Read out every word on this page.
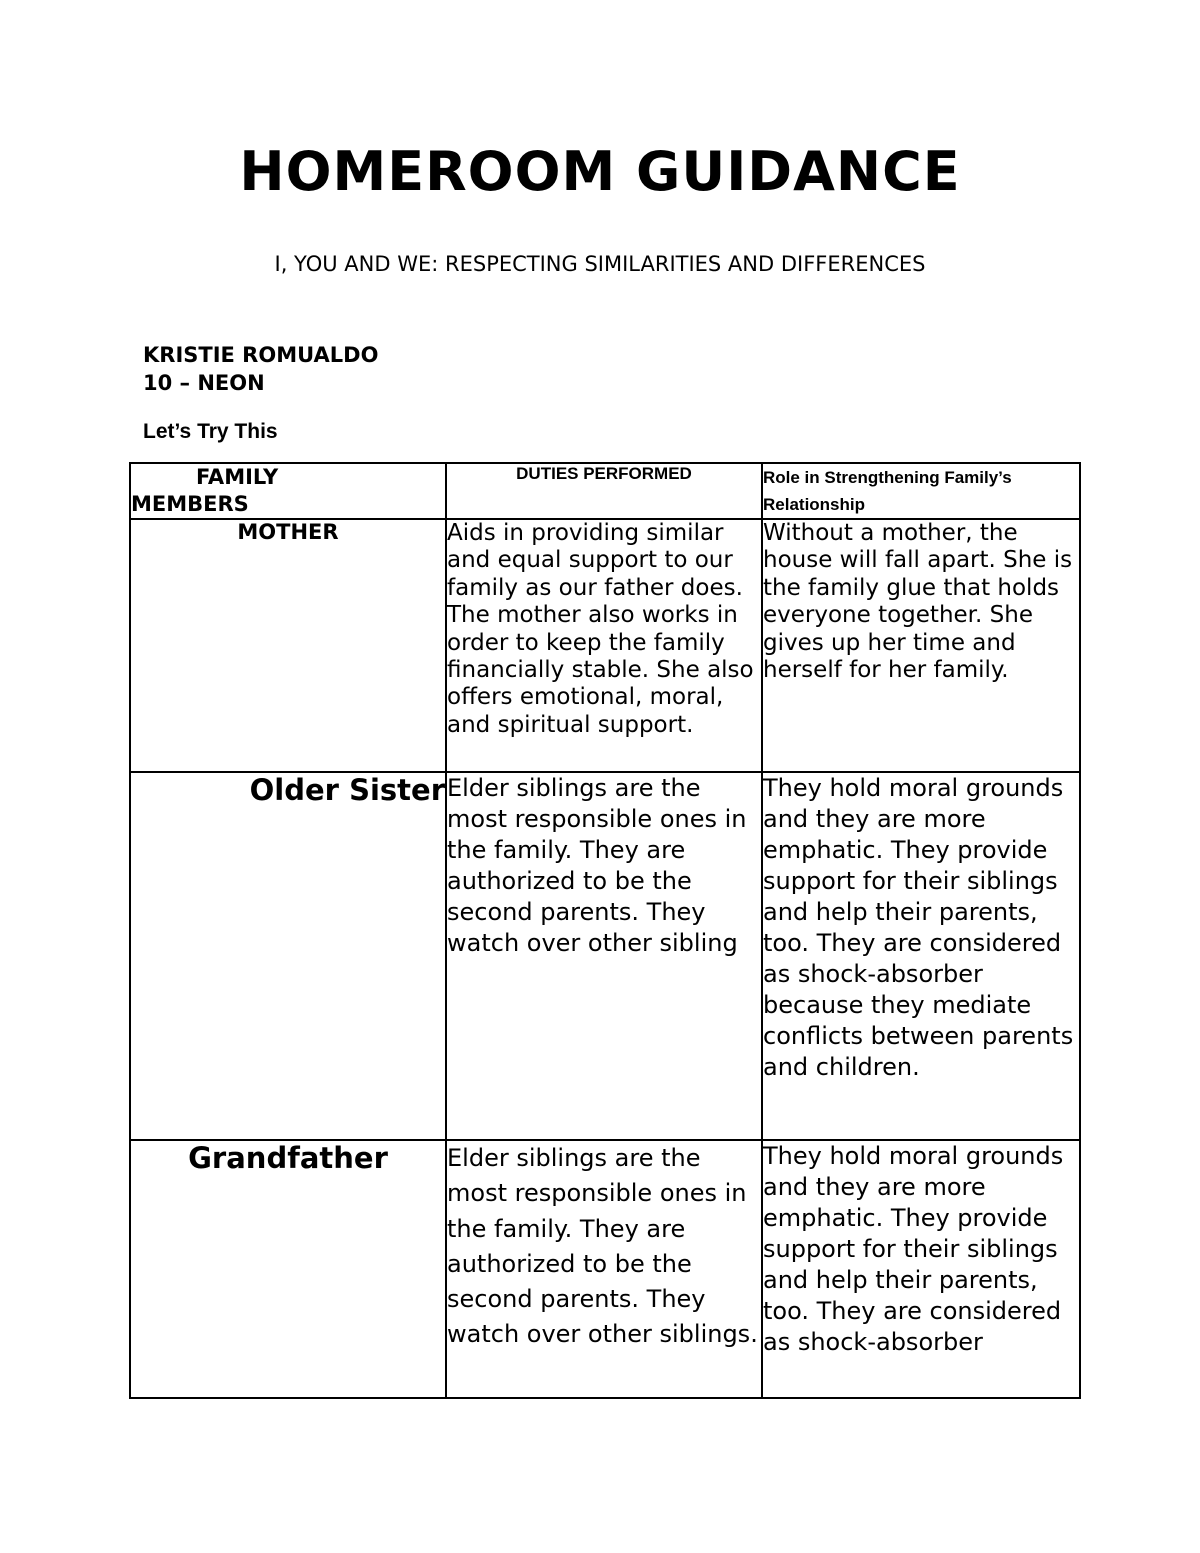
HOMEROOM GUIDANCE
I, YOU AND WE: RESPECTING SIMILARITIES AND DIFFERENCES
KRISTIE ROMUALDO
10 – NEON
Let’s Try This
FAMILY
MEMBERS	DUTIES PERFORMED	Role in Strengthening Family’s Relationship
MOTHER	Aids in providing similar and equal support to our family as our father does. The mother also works in order to keep the family financially stable. She also offers emotional, moral, and spiritual support.	Without a mother, the house will fall apart. She is the family glue that holds everyone together. She gives up her time and herself for her family.
Older Sister	Elder siblings are the most responsible ones in the family. They are authorized to be the second parents. They watch over other sibling	They hold moral grounds and they are more emphatic. They provide support for their siblings and help their parents, too. They are considered as shock-absorber because they mediate conflicts between parents and children.
Grandfather	Elder siblings are the most responsible ones in the family. They are authorized to be the second parents. They watch over other siblings.	They hold moral grounds and they are more emphatic. They provide support for their siblings and help their parents, too. They are considered as shock-absorber
